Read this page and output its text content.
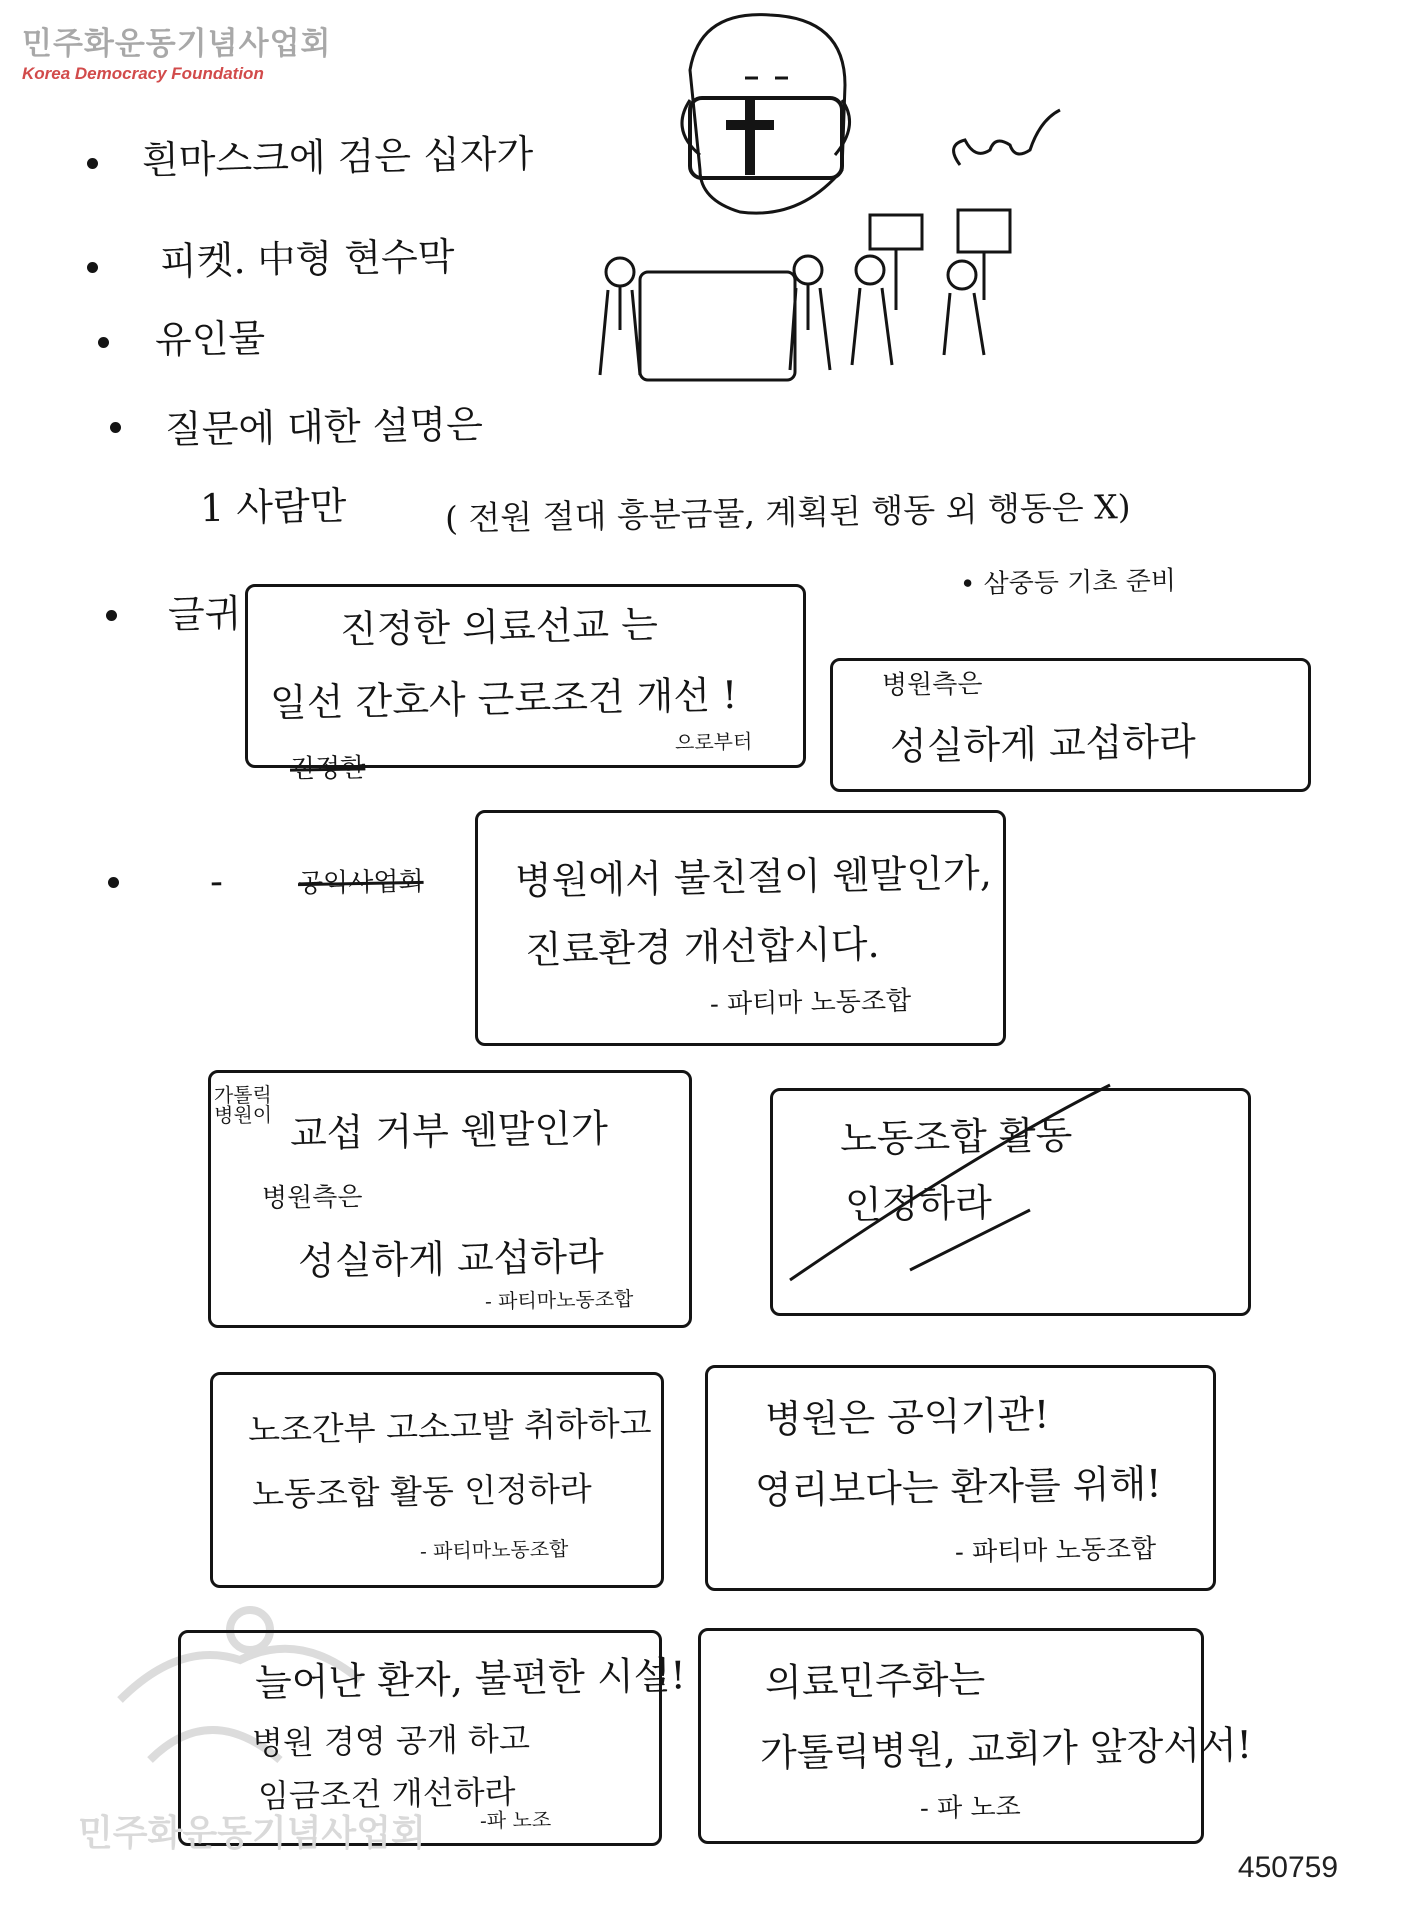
민주화운동기념사업회
Korea Democracy Foundation
흰마스크에 검은 십자가
피켓. 中형 현수막
유인물
질문에 대한 설명은
1 사람만	( 전원 절대 흥분금물, 계획된 행동 외 행동은 X)
• 삼중등 기초 준비
글귀	진정한 의료선교 는
일선 간호사 근로조건 개선 !
으로부터
진정한
병원측은
성실하게 교섭하라
-	공익사업회 병원에서 불친절이 웬말인가,
진료환경 개선합시다.
- 파티마 노동조합
가톨릭 병원이 교섭 거부 웬말인가
병원측은
성실하게 교섭하라
- 파티마노동조합
노동조합 활동
인정하라
노조간부 고소고발 취하하고
노동조합 활동 인정하라
- 파티마노동조합
병원은 공익기관!
영리보다는 환자를 위해!
- 파티마 노동조합
늘어난 환자, 불편한 시설!
병원 경영 공개 하고
임금조건 개선하라
-파 노조
의료민주화는
가톨릭병원, 교회가 앞장서서!
- 파 노조
민주화운동기념사업회
450759
